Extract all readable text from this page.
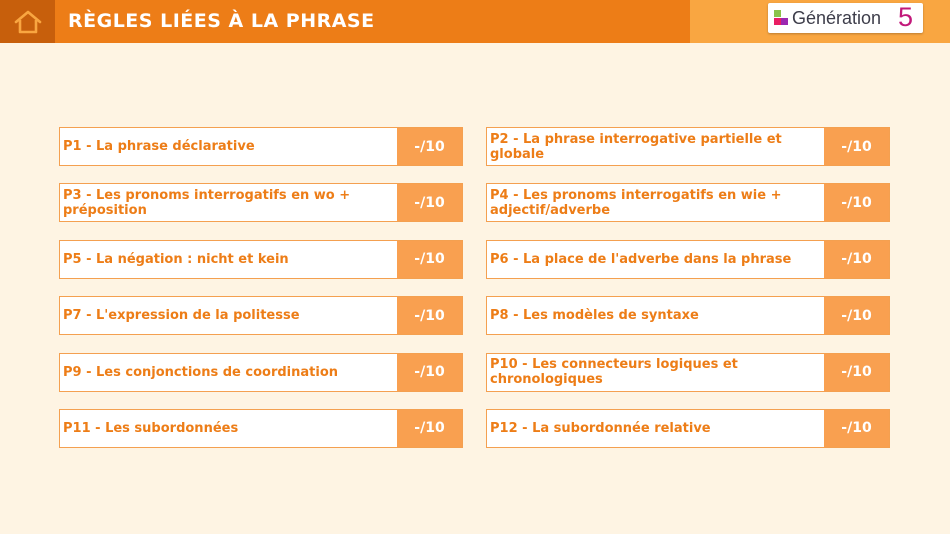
RÈGLES LIÉES À LA PHRASE	Génération 5
P1 - La phrase déclarative	-/10	P2 - La phrase interrogative partielle et globale	-/10
P3 - Les pronoms interrogatifs en wo + préposition	-/10	P4 - Les pronoms interrogatifs en wie + adjectif/adverbe	-/10
P5 - La négation : nicht et kein	-/10	P6 - La place de l'adverbe dans la phrase	-/10
P7 - L'expression de la politesse	-/10	P8 - Les modèles de syntaxe	-/10
P9 - Les conjonctions de coordination	-/10	P10 - Les connecteurs logiques et chronologiques	-/10
P11 - Les subordonnées	-/10	P12 - La subordonnée relative	-/10
